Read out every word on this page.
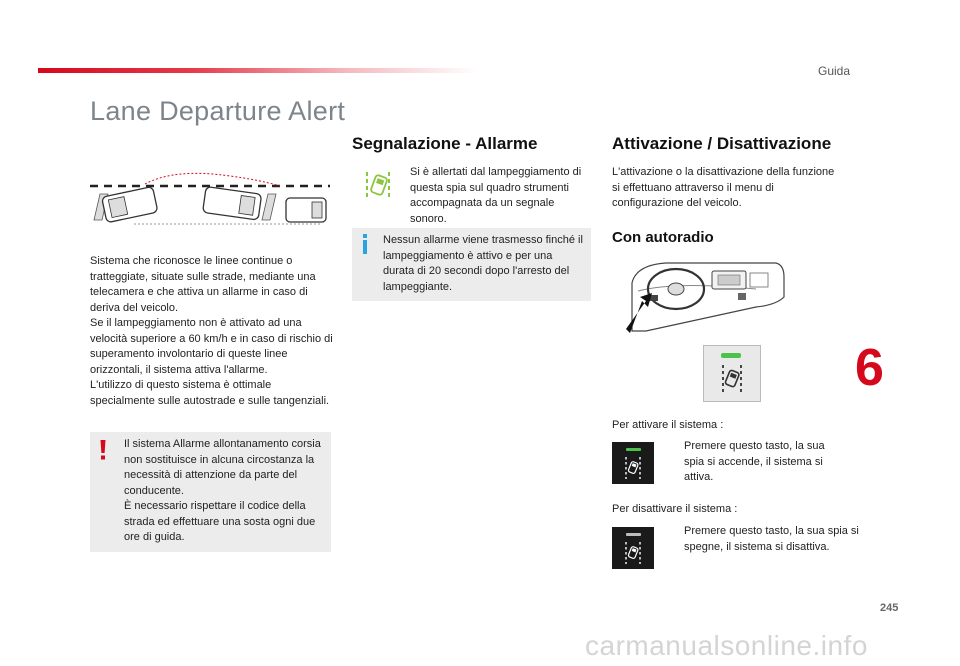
Guida
Lane Departure Alert
Sistema che riconosce le linee continue o tratteggiate, situate sulle strade, mediante una telecamera e che attiva un allarme in caso di deriva del veicolo.
Se il lampeggiamento non è attivato ad una velocità superiore a 60 km/h e in caso di rischio di superamento involontario di queste linee orizzontali, il sistema attiva l'allarme.
L'utilizzo di questo sistema è ottimale specialmente sulle autostrade e sulle tangenziali.
Il sistema Allarme allontanamento corsia non sostituisce in alcuna circostanza la necessità di attenzione da parte del conducente.
È necessario rispettare il codice della strada ed effettuare una sosta ogni due ore di guida.
Segnalazione - Allarme
Si è allertati dal lampeggiamento di questa spia sul quadro strumenti accompagnata da un segnale sonoro.
Nessun allarme viene trasmesso finché il lampeggiamento è attivo e per una durata di 20 secondi dopo l'arresto del lampeggiante.
Attivazione / Disattivazione
L'attivazione o la disattivazione della funzione si effettuano attraverso il menu di configurazione del veicolo.
Con autoradio
Per attivare il sistema :
Premere questo tasto, la sua spia si accende, il sistema si attiva.
Per disattivare il sistema :
Premere questo tasto, la sua spia si spegne, il sistema si disattiva.
6
245
carmanualsonline.info
